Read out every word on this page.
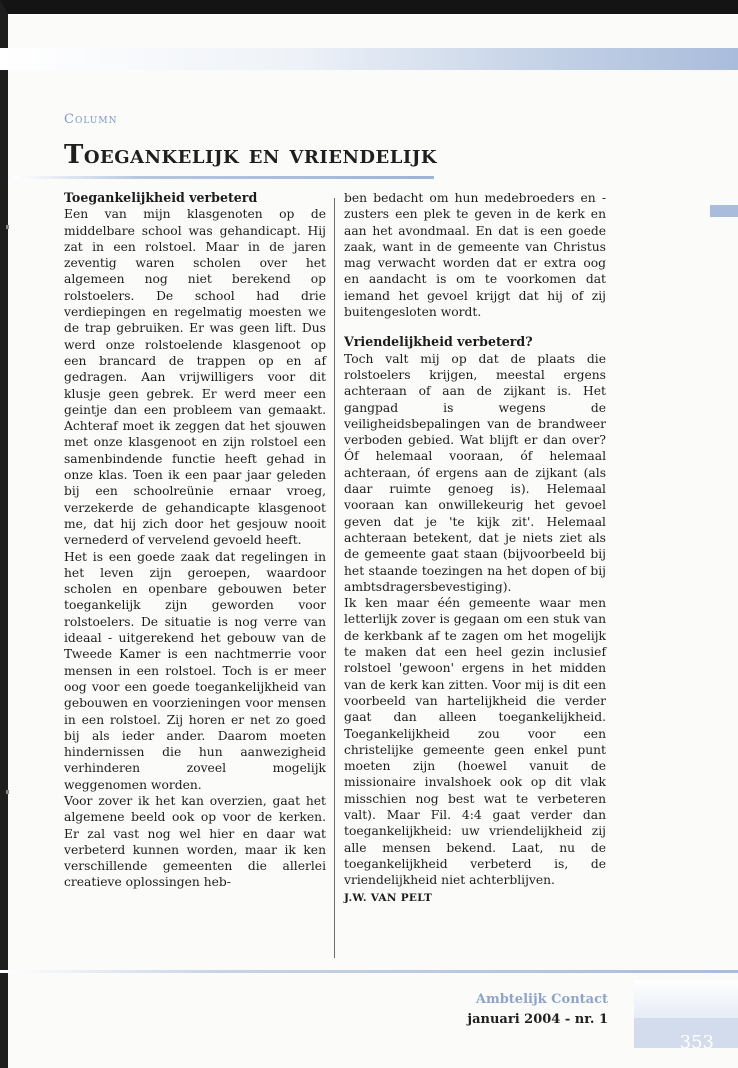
Column
Toegankelijk en vriendelijk
Toegankelijkheid verbeterd

Een van mijn klasgenoten op de middelbare school was gehandicapt. Hij zat in een rolstoel. Maar in de jaren zeventig waren scholen over het algemeen nog niet berekend op rolstoelers. De school had drie verdiepingen en regelmatig moesten we de trap gebruiken. Er was geen lift. Dus werd onze rolstoelende klasgenoot op een brancard de trappen op en af gedragen. Aan vrijwilligers voor dit klusje geen gebrek. Er werd meer een geintje dan een probleem van gemaakt. Achteraf moet ik zeggen dat het sjouwen met onze klasgenoot en zijn rolstoel een samenbindende functie heeft gehad in onze klas. Toen ik een paar jaar geleden bij een schoolreünie ernaar vroeg, verzekerde de gehandicapte klasgenoot me, dat hij zich door het gesjouw nooit vernederd of vervelend gevoeld heeft.

Het is een goede zaak dat regelingen in het leven zijn geroepen, waardoor scholen en openbare gebouwen beter toegankelijk zijn geworden voor rolstoelers. De situatie is nog verre van ideaal - uitgerekend het gebouw van de Tweede Kamer is een nachtmerrie voor mensen in een rolstoel. Toch is er meer oog voor een goede toegankelijkheid van gebouwen en voorzieningen voor mensen in een rolstoel. Zij horen er net zo goed bij als ieder ander. Daarom moeten hindernissen die hun aanwezigheid verhinderen zoveel mogelijk weggenomen worden.

Voor zover ik het kan overzien, gaat het algemene beeld ook op voor de kerken. Er zal vast nog wel hier en daar wat verbeterd kunnen worden, maar ik ken verschillende gemeenten die allerlei creatieve oplossingen heb-

ben bedacht om hun medebroeders en -zusters een plek te geven in de kerk en aan het avondmaal. En dat is een goede zaak, want in de gemeente van Christus mag verwacht worden dat er extra oog en aandacht is om te voorkomen dat iemand het gevoel krijgt dat hij of zij buitengesloten wordt.

Vriendelijkheid verbeterd?

Toch valt mij op dat de plaats die rolstoelers krijgen, meestal ergens achteraan of aan de zijkant is. Het gangpad is wegens de veiligheidsbepalingen van de brandweer verboden gebied. Wat blijft er dan over? Óf helemaal vooraan, óf helemaal achteraan, óf ergens aan de zijkant (als daar ruimte genoeg is). Helemaal vooraan kan onwillekeurig het gevoel geven dat je 'te kijk zit'. Helemaal achteraan betekent, dat je niets ziet als de gemeente gaat staan (bijvoorbeeld bij het staande toezingen na het dopen of bij ambtsdragersbevestiging).

Ik ken maar één gemeente waar men letterlijk zover is gegaan om een stuk van de kerkbank af te zagen om het mogelijk te maken dat een heel gezin inclusief rolstoel 'gewoon' ergens in het midden van de kerk kan zitten. Voor mij is dit een voorbeeld van hartelijkheid die verder gaat dan alleen toegankelijkheid. Toegankelijkheid zou voor een christelijke gemeente geen enkel punt moeten zijn (hoewel vanuit de missionaire invalshoek ook op dit vlak misschien nog best wat te verbeteren valt). Maar Fil. 4:4 gaat verder dan toegankelijkheid: uw vriendelijkheid zij alle mensen bekend. Laat, nu de toegankelijkheid verbeterd is, de vriendelijkheid niet achterblijven.

J.W. VAN PELT
Ambtelijk Contact
januari 2004 - nr. 1
353
